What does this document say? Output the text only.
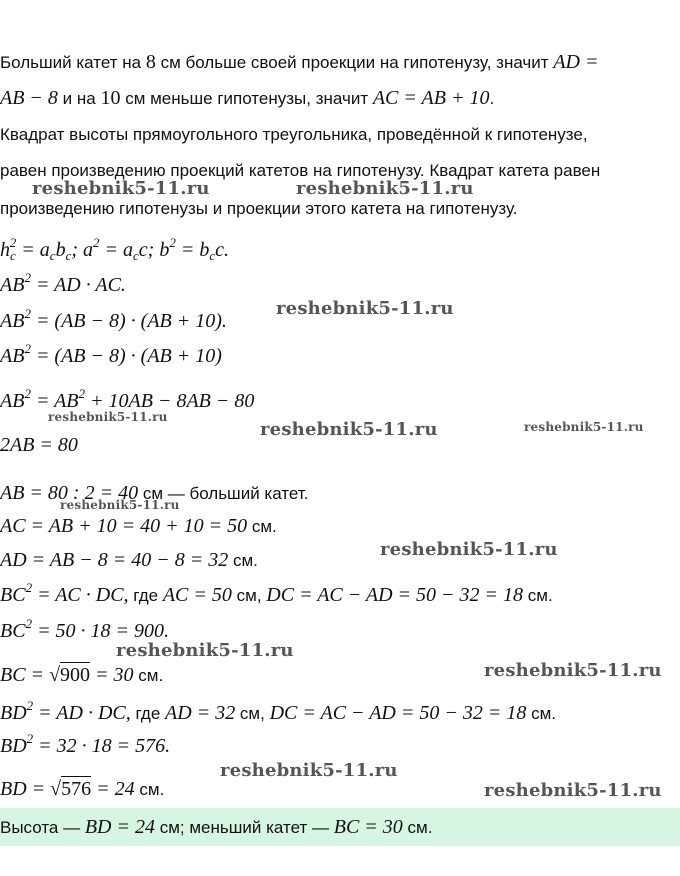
Больший катет на 8 см больше своей проекции на гипотенузу, значит AD =
AB − 8 и на 10 см меньше гипотенузы, значит AC = AB + 10.
Квадрат высоты прямоугольного треугольника, проведённой к гипотенузе,
равен произведению проекций катетов на гипотенузу. Квадрат катета равен
произведению гипотенузы и проекции этого катета на гипотенузу.
$h_c^2 = a_cb_c$; $a^2 = a_cc$; $b^2 = b_cc$.
$AB^2$ = AD · AC.
$AB^2 = (AB - 8) \cdot (AB + 10)$.
$AB^2 = (AB - 8) \cdot (AB + 10)$
$AB^2 = AB^2 + 10AB - 8AB - 80$
2AB = 80
AB = 80 : 2 = 40 см — больший катет.
AC = AB + 10 = 40 + 10 = 50 см.
AD = AB − 8 = 40 − 8 = 32 см.
$BC^2$ = AC · DC, где AC = 50 см, DC = AC − AD = 50 − 32 = 18 см.
$BC^2 = 50 \cdot 18 = 900$.
BC = √900 = 30 см.
$BD^2$ = AD · DC, где AD = 32 см, DC = AC − AD = 50 − 32 = 18 см.
$BD^2 = 32 \cdot 18 = 576$.
BD = √576 = 24 см.
Высота — BD = 24 см; меньший катет — BC = 30 см.
reshebnik5-11.ru	reshebnik5-11.ru
reshebnik5-11.ru
reshebnik5-11.ru
reshebnik5-11.ru	reshebnik5-11.ru
reshebnik5-11.ru
reshebnik5-11.ru
reshebnik5-11.ru
reshebnik5-11.ru
reshebnik5-11.ru
reshebnik5-11.ru
